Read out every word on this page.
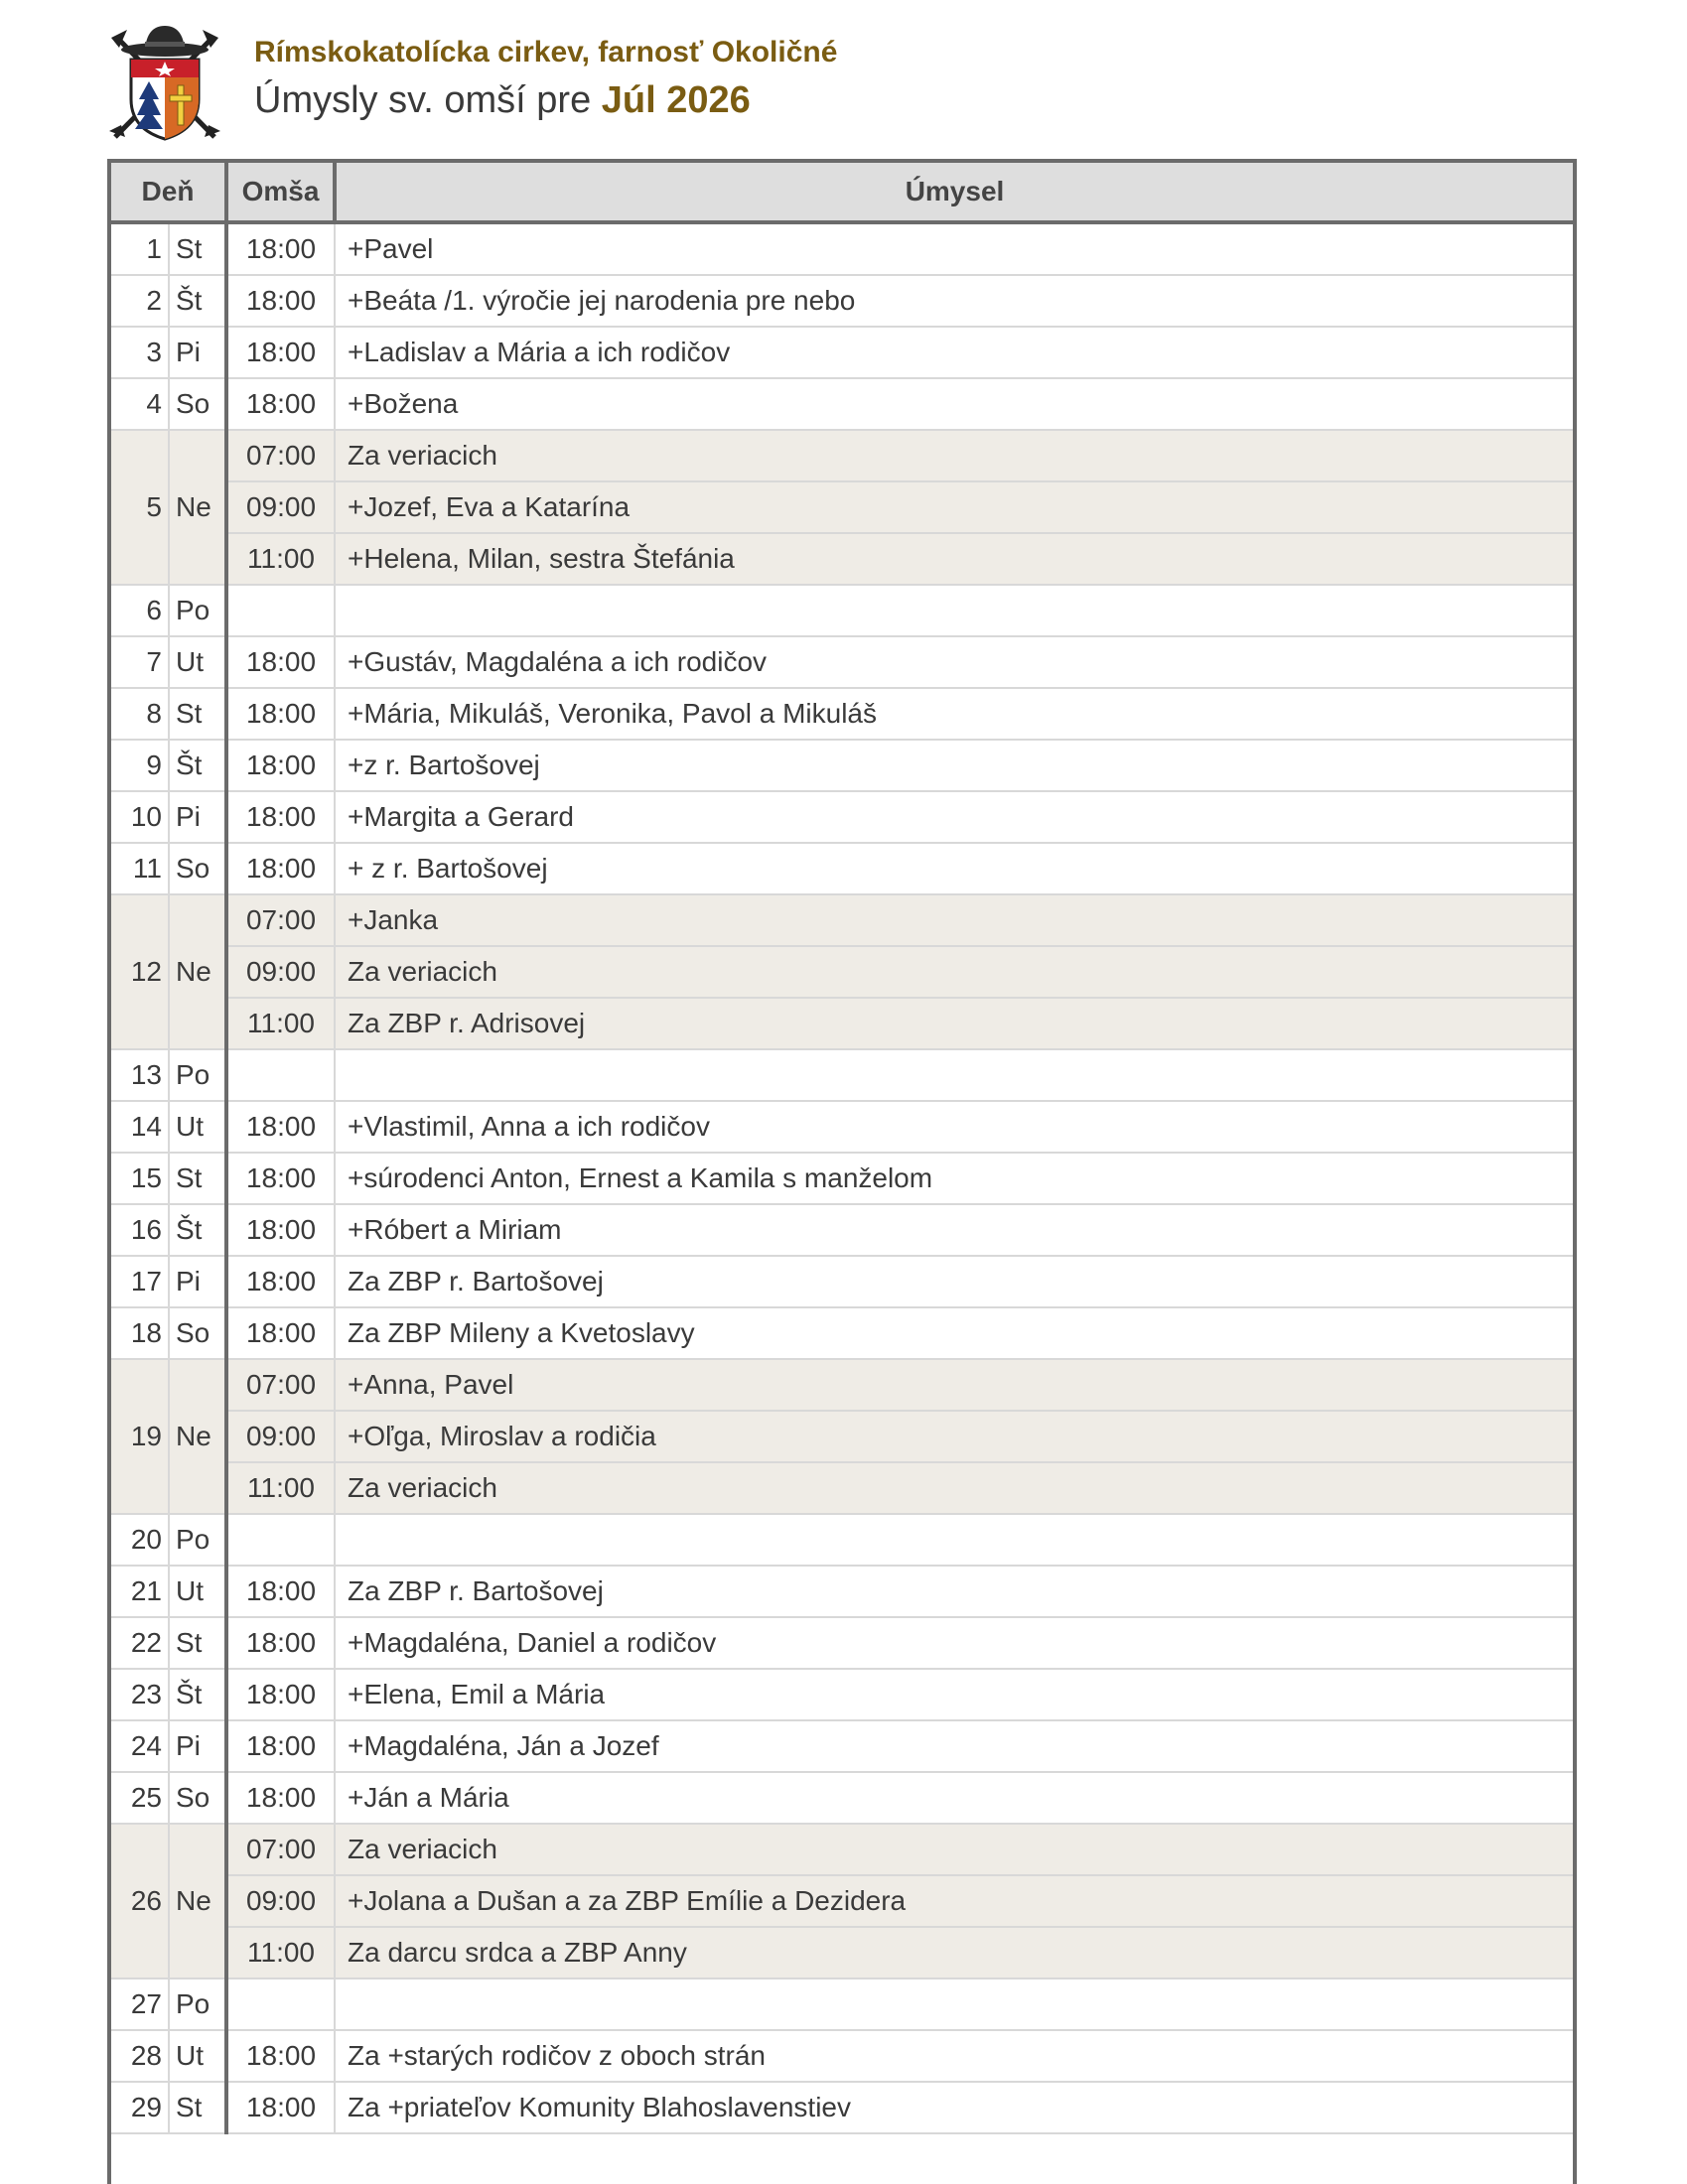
Rímskokatolícka cirkev, farnosť Okoličné
Úmysly sv. omší pre Júl 2026
Deň		Omša	Úmysel
1	St	18:00	+Pavel
2	Št	18:00	+Beáta /1. výročie jej narodenia pre nebo
3	Pi	18:00	+Ladislav a Mária a ich rodičov
4	So	18:00	+Božena
5	Ne	07:00	Za veriacich
		09:00	+Jozef, Eva a Katarína
		11:00	+Helena, Milan, sestra Štefánia
6	Po		
7	Ut	18:00	+Gustáv, Magdaléna a ich rodičov
8	St	18:00	+Mária, Mikuláš, Veronika, Pavol a Mikuláš
9	Št	18:00	+z r. Bartošovej
10	Pi	18:00	+Margita a Gerard
11	So	18:00	+ z r. Bartošovej
12	Ne	07:00	+Janka
		09:00	Za veriacich
		11:00	Za ZBP r. Adrisovej
13	Po		
14	Ut	18:00	+Vlastimil, Anna a ich rodičov
15	St	18:00	+súrodenci Anton, Ernest a Kamila s manželom
16	Št	18:00	+Róbert a Miriam
17	Pi	18:00	Za ZBP r. Bartošovej
18	So	18:00	Za ZBP Mileny a Kvetoslavy
19	Ne	07:00	+Anna, Pavel
		09:00	+Oľga, Miroslav a rodičia
		11:00	Za veriacich
20	Po		
21	Ut	18:00	Za ZBP r. Bartošovej
22	St	18:00	+Magdaléna, Daniel a rodičov
23	Št	18:00	+Elena, Emil a Mária
24	Pi	18:00	+Magdaléna, Ján a Jozef
25	So	18:00	+Ján a Mária
26	Ne	07:00	Za veriacich
		09:00	+Jolana a Dušan a za ZBP Emílie a Dezidera
		11:00	Za darcu srdca a ZBP Anny
27	Po		
28	Ut	18:00	Za +starých rodičov z oboch strán
29	St	18:00	Za +priateľov Komunity Blahoslavenstiev
